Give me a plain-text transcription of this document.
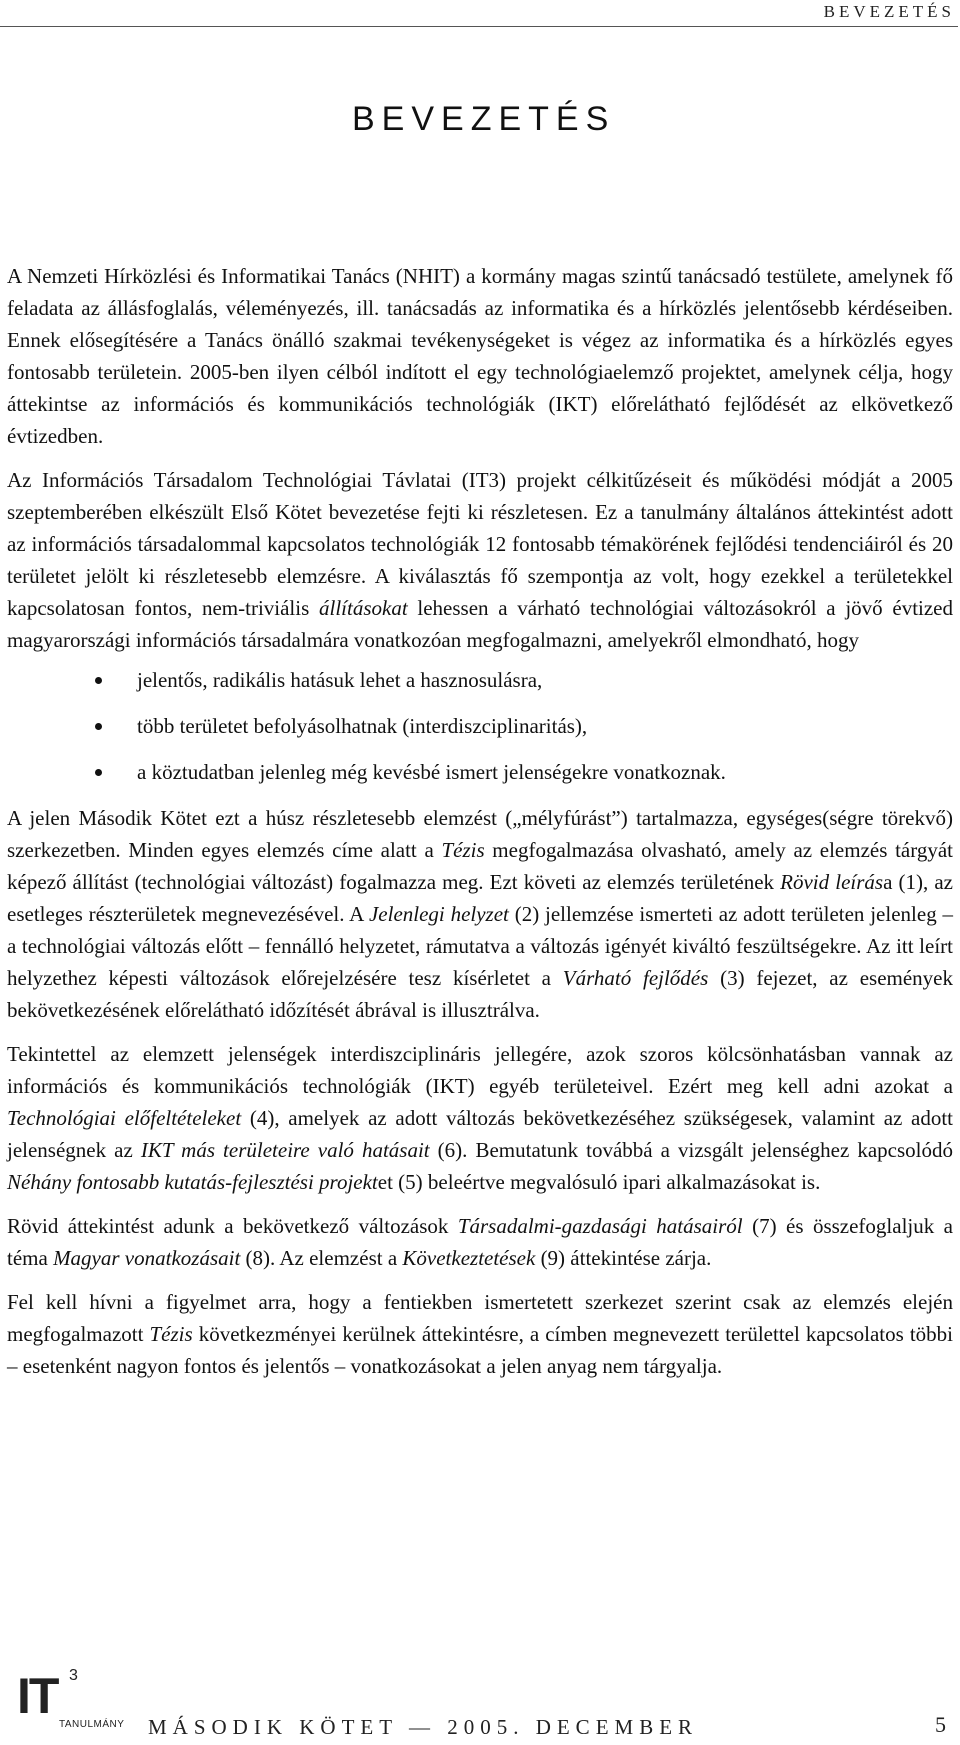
BEVEZETÉS
BEVEZETÉS

A Nemzeti Hírközlési és Informatikai Tanács (NHIT) a kormány magas szintű tanácsadó testülete, amelynek fő feladata az állásfoglalás, véleményezés, ill. tanácsadás az informatika és a hírközlés jelentősebb kérdéseiben. Ennek elősegítésére a Tanács önálló szakmai tevékenységeket is végez az informatika és a hírközlés egyes fontosabb területein. 2005-ben ilyen célból indított el egy technológiaelemző projektet, amelynek célja, hogy áttekintse az információs és kommunikációs technológiák (IKT) előrelátható fejlődését az elkövetkező évtizedben.

Az Információs Társadalom Technológiai Távlatai (IT3) projekt célkitűzéseit és működési módját a 2005 szeptemberében elkészült Első Kötet bevezetése fejti ki részletesen. Ez a tanulmány általános áttekintést adott az információs társadalommal kapcsolatos technológiák 12 fontosabb témakörének fejlődési tendenciáiról és 20 területet jelölt ki részletesebb elemzésre. A kiválasztás fő szempontja az volt, hogy ezekkel a területekkel kapcsolatosan fontos, nem-triviális állításokat lehessen a várható technológiai változásokról a jövő évtized magyarországi információs társadalmára vonatkozóan megfogalmazni, amelyekről elmondható, hogy

jelentős, radikális hatásuk lehet a hasznosulásra,
több területet befolyásolhatnak (interdiszciplinaritás),
a köztudatban jelenleg még kevésbé ismert jelenségekre vonatkoznak.

A jelen Második Kötet ezt a húsz részletesebb elemzést („mélyfúrást”) tartalmazza, egységes(ségre törekvő) szerkezetben. Minden egyes elemzés címe alatt a Tézis megfogalmazása olvasható, amely az elemzés tárgyát képező állítást (technológiai változást) fogalmazza meg. Ezt követi az elemzés területének Rövid leírása (1), az esetleges részterületek megnevezésével. A Jelenlegi helyzet (2) jellemzése ismerteti az adott területen jelenleg – a technológiai változás előtt – fennálló helyzetet, rámutatva a változás igényét kiváltó feszültségekre. Az itt leírt helyzethez képesti változások előrejelzésére tesz kísérletet a Várható fejlődés (3) fejezet, az események bekövetkezésének előrelátható időzítését ábrával is illusztrálva.

Tekintettel az elemzett jelenségek interdiszciplináris jellegére, azok szoros kölcsönhatásban vannak az információs és kommunikációs technológiák (IKT) egyéb területeivel. Ezért meg kell adni azokat a Technológiai előfeltételeket (4), amelyek az adott változás bekövetkezéséhez szükségesek, valamint az adott jelenségnek az IKT más területeire való hatásait (6). Bemutatunk továbbá a vizsgált jelenséghez kapcsolódó Néhány fontosabb kutatás-fejlesztési projektet (5) beleértve megvalósuló ipari alkalmazásokat is.

Rövid áttekintést adunk a bekövetkező változások Társadalmi-gazdasági hatásairól (7) és összefoglaljuk a téma Magyar vonatkozásait (8). Az elemzést a Következtetések (9) áttekintése zárja.

Fel kell hívni a figyelmet arra, hogy a fentiekben ismertetett szerkezet szerint csak az elemzés elején megfogalmazott Tézis következményei kerülnek áttekintésre, a címben megnevezett területtel kapcsolatos többi – esetenként nagyon fontos és jelentős – vonatkozásokat a jelen anyag nem tárgyalja.

IT 3
TANULMÁNY MÁSODIK KÖTET — 2005. DECEMBER	5
